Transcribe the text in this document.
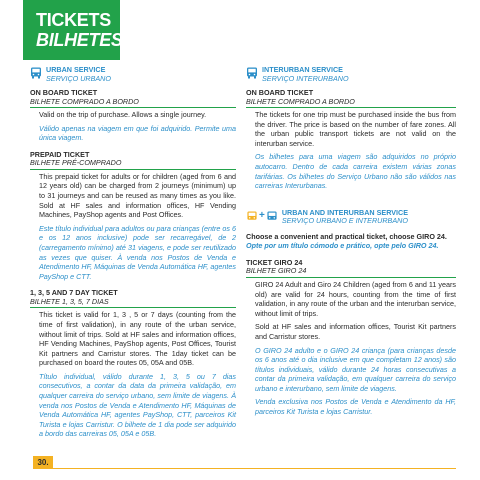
TICKETS
BILHETES
URBAN SERVICE
SERVIÇO URBANO
ON BOARD TICKET
BILHETE COMPRADO A BORDO
Valid on the trip of purchase. Allows a single journey.
Válido apenas na viagem em que foi adquirido. Permite uma única viagem.
PREPAID TICKET
BILHETE PRÉ-COMPRADO
This prepaid ticket for adults or for children (aged from 6 and 12 years old) can be charged from 2 journeys (minimum) up to 31 journeys and can be reused as many times as you like. Sold at HF sales and information offices, HF Vending Machines, PayShop agents and Post Offices.
Este título individual para adultos ou para crianças (entre os 6 e os 12 anos inclusive) pode ser recarregável, de 2 (carregamento mínimo) até 31 viagens, e pode ser reutilizado as vezes que quiser. À venda nos Postos de Venda e Atendimento HF, Máquinas de Venda Automática HF, agentes PayShop e CTT.
1, 3, 5 AND 7 DAY TICKET
BILHETE 1, 3, 5, 7 DIAS
This ticket is valid for 1, 3 , 5 or 7 days (counting from the time of first validation), in any route of the urban service, without limit of trips. Sold at HF sales and information offices, HF Vending Machines, PayShop agents, Post Offices, Tourist Kit partners and Carristur stores. The 1day ticket can be purchased on board the routes 05, 05A and 05B.
Título individual, válido durante 1, 3, 5 ou 7 dias consecutivos, a contar da data da primeira validação, em qualquer carreira do serviço urbano, sem limite de viagens. À venda nos Postos de Venda e Atendimento HF, Máquinas de Venda Automática HF, agentes PayShop, CTT, parceiros Kit Turista e lojas Carristur. O bilhete de 1 dia pode ser adquirido a bordo das carreiras 05, 05A e 05B.
INTERURBAN SERVICE
SERVIÇO INTERURBANO
ON BOARD TICKET
BILHETE COMPRADO A BORDO
The tickets for one trip must be purchased inside the bus from the driver. The price is based on the number of fare zones. All the urban public transport tickets are not valid on the interurban service.
Os bilhetes para uma viagem são adquiridos no próprio autocarro. Dentro de cada carreira existem várias zonas tarifárias. Os bilhetes do Serviço Urbano não são válidos nas carreiras Interurbanas.
+ URBAN AND INTERURBAN SERVICE
SERVIÇO URBANO E INTERURBANO
Choose a convenient and practical ticket, choose GIRO 24.
Opte por um título cómodo e prático, opte pelo GIRO 24.
TICKET GIRO 24
BILHETE GIRO 24
GIRO 24 Adult and Giro 24 Children (aged from 6 and 11 years old) are valid for 24 hours, counting from the time of first validation, in any route of the urban and the interurban service, without limit of trips.
Sold at HF sales and information offices, Tourist Kit partners and Carristur stores.
O GIRO 24 adulto e o GIRO 24 criança (para crianças desde os 6 anos até o dia inclusive em que completam 12 anos) são títulos individuais, válido durante 24 horas consecutivas a contar da primeira validação, em qualquer carreira do serviço urbano e interurbano, sem limite de viagens.
Venda exclusiva nos Postos de Venda e Atendimento da HF, parceiros Kit Turista e lojas Carristur.
30.
